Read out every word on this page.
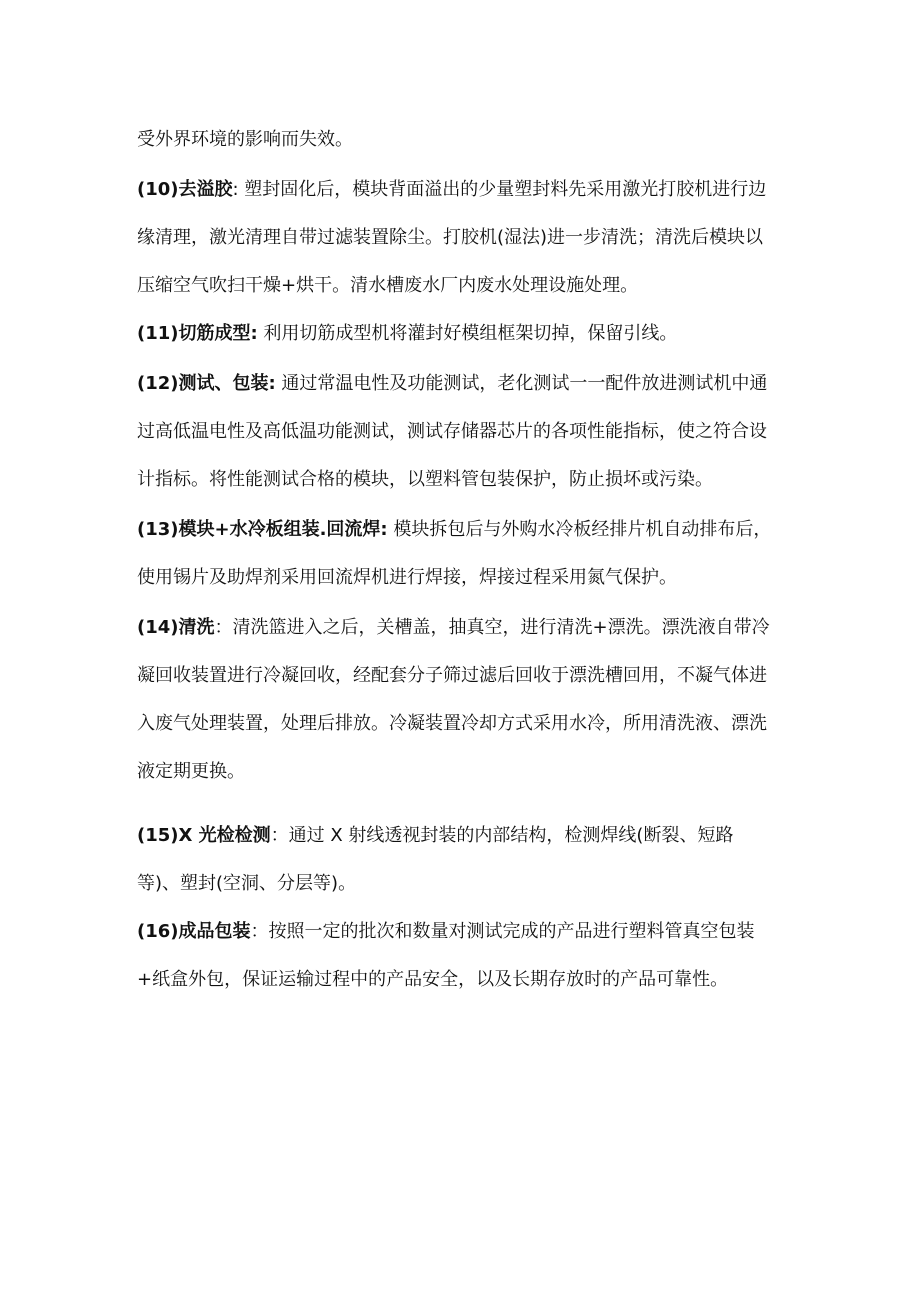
受外界环境的影响而失效。
(10)去溢胶: 塑封固化后，模块背面溢出的少量塑封料先采用激光打胶机进行边
缘清理，激光清理自带过滤装置除尘。打胶机(湿法)进一步清洗；清洗后模块以
压缩空气吹扫干燥+烘干。清水槽废水厂内废水处理设施处理。
(11)切筋成型: 利用切筋成型机将灌封好模组框架切掉，保留引线。
(12)测试、包装: 通过常温电性及功能测试，老化测试一一配件放进测试机中通
过高低温电性及高低温功能测试，测试存储器芯片的各项性能指标，使之符合设
计指标。将性能测试合格的模块，以塑料管包装保护，防止损坏或污染。
(13)模块+水冷板组装.回流焊: 模块拆包后与外购水冷板经排片机自动排布后，
使用锡片及助焊剂采用回流焊机进行焊接，焊接过程采用氮气保护。
(14)清洗：清洗篮进入之后，关槽盖，抽真空，进行清洗+漂洗。漂洗液自带冷
凝回收装置进行冷凝回收，经配套分子筛过滤后回收于漂洗槽回用，不凝气体进
入废气处理装置，处理后排放。冷凝装置冷却方式采用水冷，所用清洗液、漂洗
液定期更换。
(15)X 光检检测：通过 X 射线透视封装的内部结构，检测焊线(断裂、短路
等)、塑封(空洞、分层等)。
(16)成品包装：按照一定的批次和数量对测试完成的产品进行塑料管真空包装
+纸盒外包，保证运输过程中的产品安全，以及长期存放时的产品可靠性。
